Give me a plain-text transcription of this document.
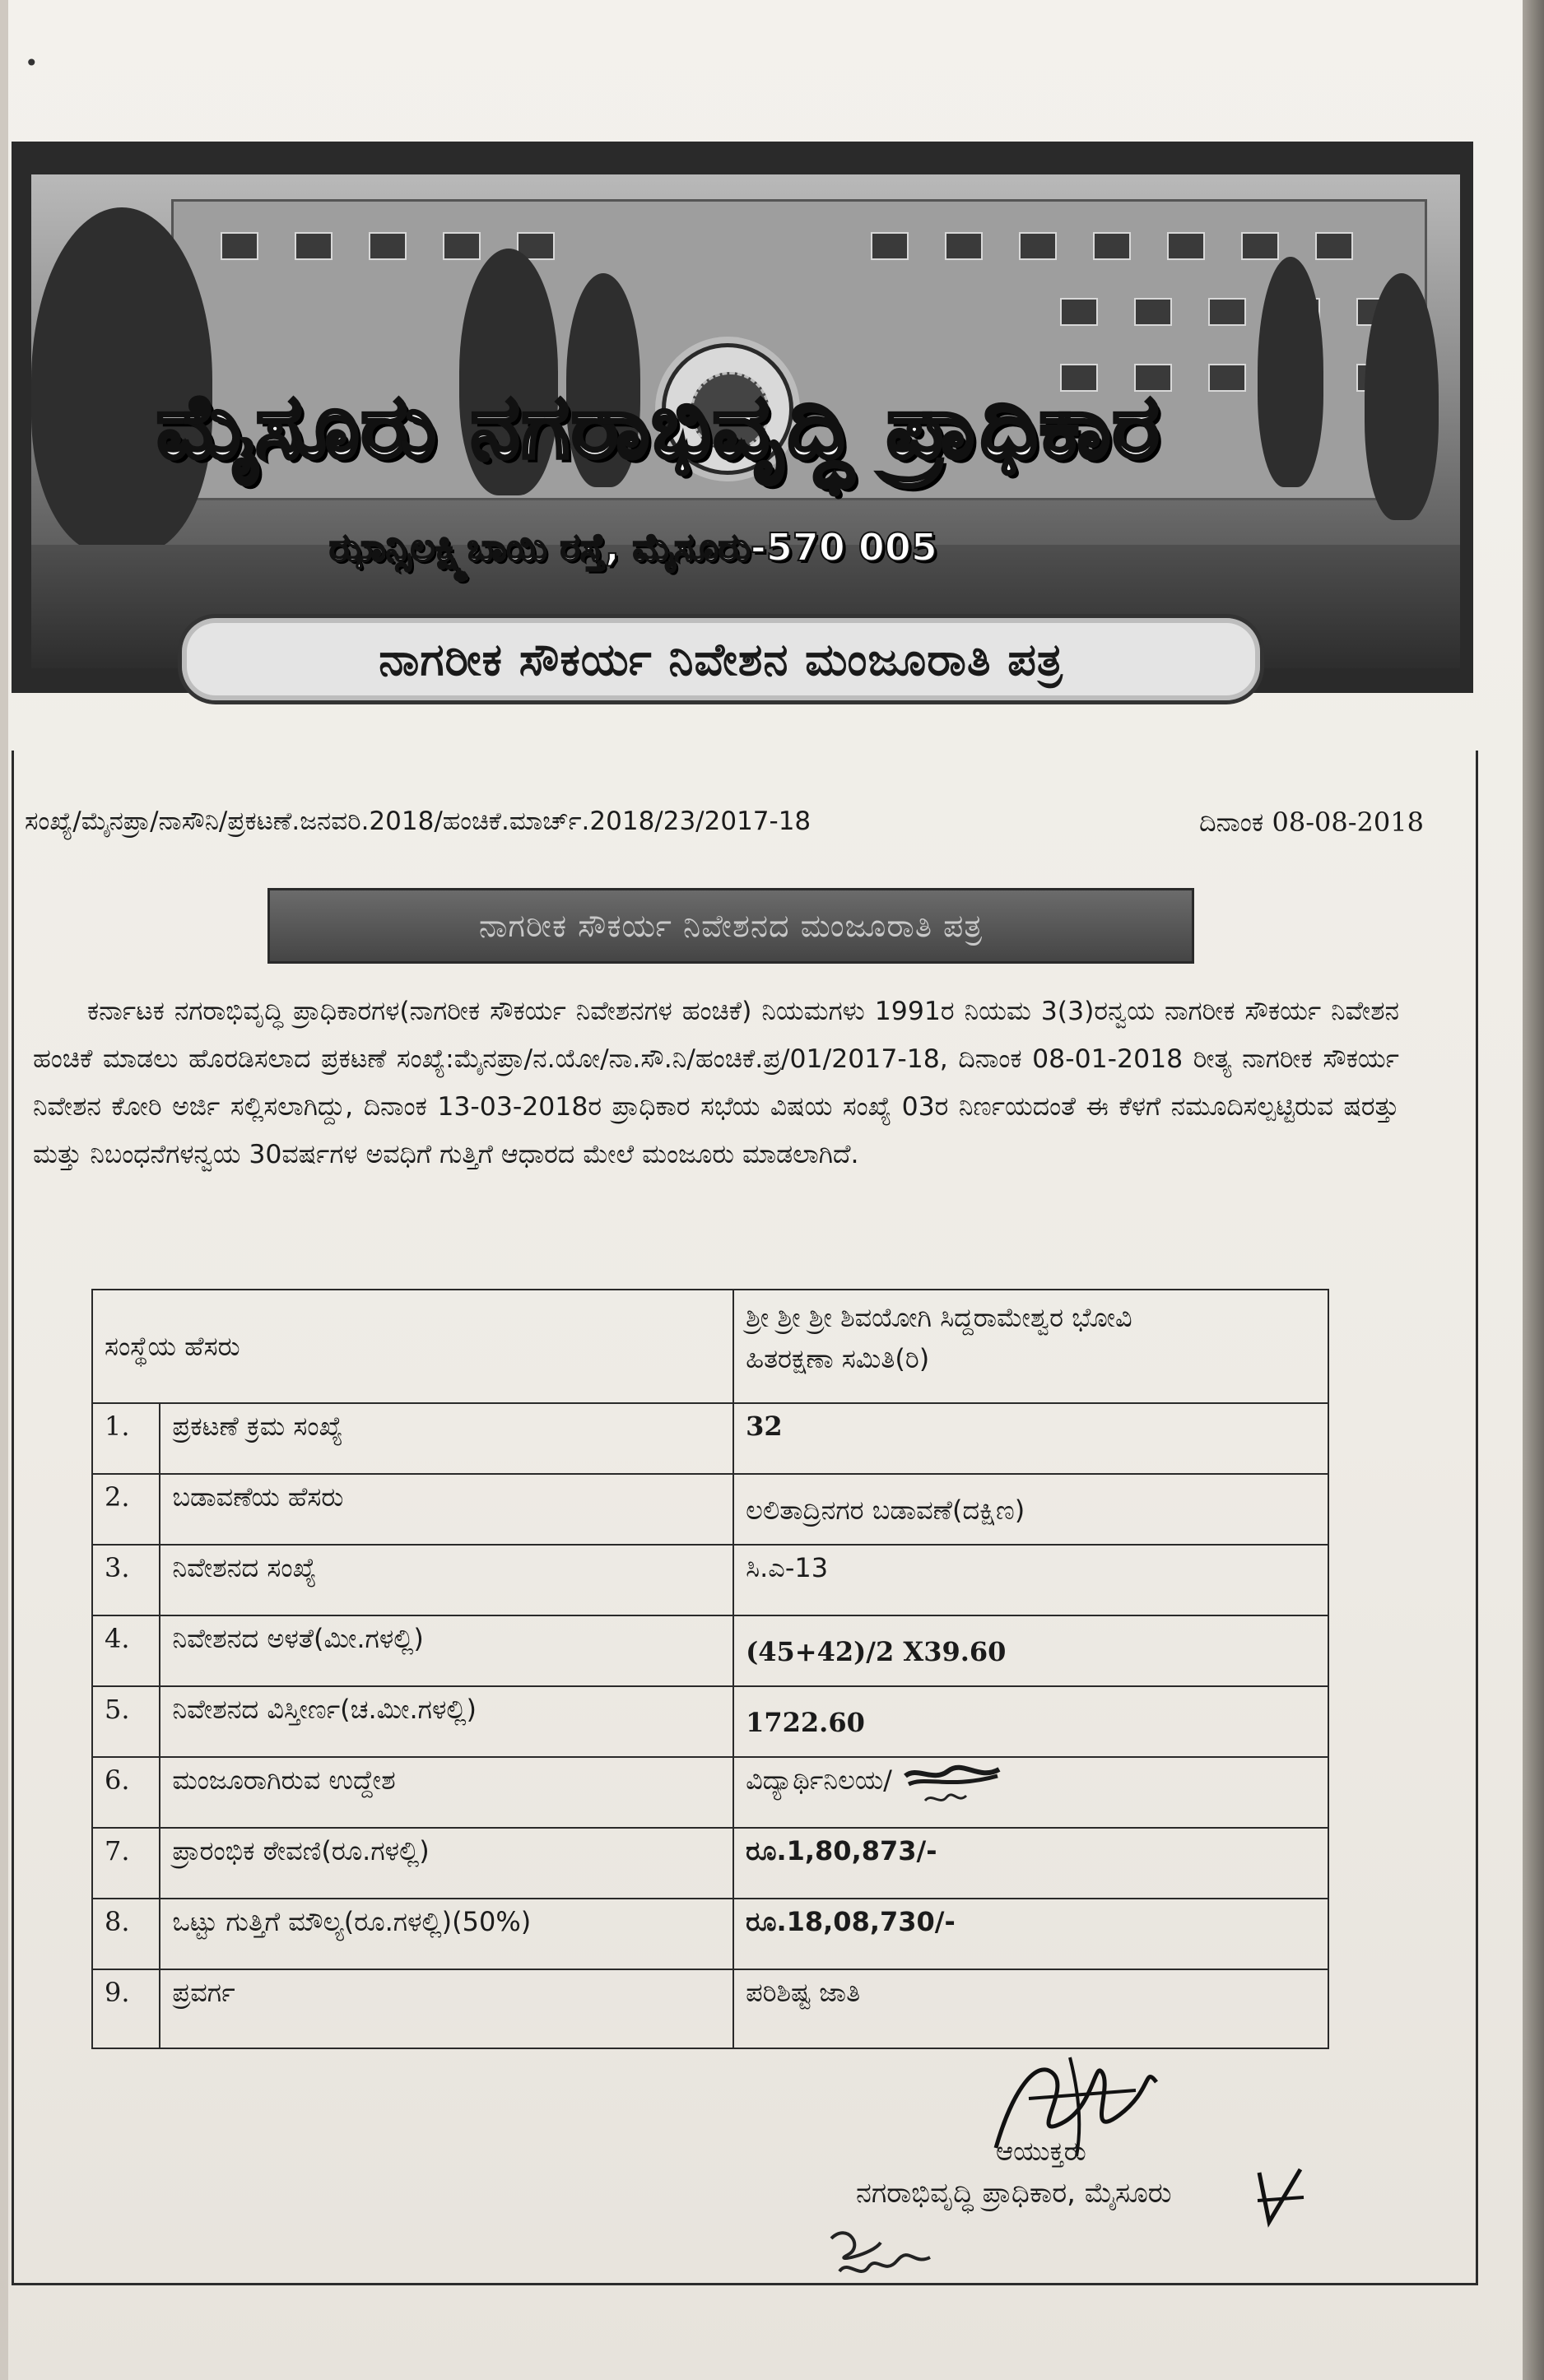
•
ಮೈಸೂರು ನಗರಾಭಿವೃದ್ಧಿ ಪ್ರಾಧಿಕಾರ
ಝಾನ್ಸಿಲಕ್ಷ್ಮಿಬಾಯಿ ರಸ್ತೆ, ಮೈಸೂರು-570 005
ನಾಗರೀಕ ಸೌಕರ್ಯ ನಿವೇಶನ ಮಂಜೂರಾತಿ ಪತ್ರ
ಸಂಖ್ಯೆ/ಮೈನಪ್ರಾ/ನಾಸೌನಿ/ಪ್ರಕಟಣೆ.ಜನವರಿ.2018/ಹಂಚಿಕೆ.ಮಾರ್ಚ್.2018/23/2017-18	ದಿನಾಂಕ 08-08-2018
ನಾಗರೀಕ ಸೌಕರ್ಯ ನಿವೇಶನದ ಮಂಜೂರಾತಿ ಪತ್ರ
ಕರ್ನಾಟಕ ನಗರಾಭಿವೃದ್ಧಿ ಪ್ರಾಧಿಕಾರಗಳ(ನಾಗರೀಕ ಸೌಕರ್ಯ ನಿವೇಶನಗಳ ಹಂಚಿಕೆ) ನಿಯಮಗಳು 1991ರ ನಿಯಮ 3(3)ರನ್ವಯ ನಾಗರೀಕ ಸೌಕರ್ಯ ನಿವೇಶನ ಹಂಚಿಕೆ ಮಾಡಲು ಹೊರಡಿಸಲಾದ ಪ್ರಕಟಣೆ ಸಂಖ್ಯೆ:ಮೈನಪ್ರಾ/ನ.ಯೋ/ನಾ.ಸೌ.ನಿ/ಹಂಚಿಕೆ.ಪ್ರ/01/2017-18, ದಿನಾಂಕ 08-01-2018 ರೀತ್ಯ ನಾಗರೀಕ ಸೌಕರ್ಯ ನಿವೇಶನ ಕೋರಿ ಅರ್ಜಿ ಸಲ್ಲಿಸಲಾಗಿದ್ದು, ದಿನಾಂಕ 13-03-2018ರ ಪ್ರಾಧಿಕಾರ ಸಭೆಯ ವಿಷಯ ಸಂಖ್ಯೆ 03ರ ನಿರ್ಣಯದಂತೆ ಈ ಕೆಳಗೆ ನಮೂದಿಸಲ್ಪಟ್ಟಿರುವ ಷರತ್ತು ಮತ್ತು ನಿಬಂಧನೆಗಳನ್ವಯ 30ವರ್ಷಗಳ ಅವಧಿಗೆ ಗುತ್ತಿಗೆ ಆಧಾರದ ಮೇಲೆ ಮಂಜೂರು ಮಾಡಲಾಗಿದೆ.
ಸಂಸ್ಥೆಯ ಹೆಸರು		ಶ್ರೀ ಶ್ರೀ ಶ್ರೀ ಶಿವಯೋಗಿ ಸಿದ್ದರಾಮೇಶ್ವರ ಭೋವಿ
ಹಿತರಕ್ಷಣಾ ಸಮಿತಿ(ರಿ)

1.	ಪ್ರಕಟಣೆ ಕ್ರಮ ಸಂಖ್ಯೆ	32
2.	ಬಡಾವಣೆಯ ಹೆಸರು	ಲಲಿತಾದ್ರಿನಗರ ಬಡಾವಣೆ(ದಕ್ಷಿಣ)
3.	ನಿವೇಶನದ ಸಂಖ್ಯೆ	ಸಿ.ಎ-13
4.	ನಿವೇಶನದ ಅಳತೆ(ಮೀ.ಗಳಲ್ಲಿ)	(45+42)/2 X39.60
5.	ನಿವೇಶನದ ವಿಸ್ತೀರ್ಣ(ಚ.ಮೀ.ಗಳಲ್ಲಿ)	1722.60
6.	ಮಂಜೂರಾಗಿರುವ ಉದ್ದೇಶ	ವಿದ್ಯಾರ್ಥಿನಿಲಯ/
7.	ಪ್ರಾರಂಭಿಕ ಠೇವಣಿ(ರೂ.ಗಳಲ್ಲಿ)	ರೂ.1,80,873/-
8.	ಒಟ್ಟು ಗುತ್ತಿಗೆ ಮೌಲ್ಯ(ರೂ.ಗಳಲ್ಲಿ)(50%)	ರೂ.18,08,730/-
9.	ಪ್ರವರ್ಗ	ಪರಿಶಿಷ್ಟ ಜಾತಿ
ಆಯುಕ್ತರು
ನಗರಾಭಿವೃದ್ಧಿ ಪ್ರಾಧಿಕಾರ, ಮೈಸೂರು
